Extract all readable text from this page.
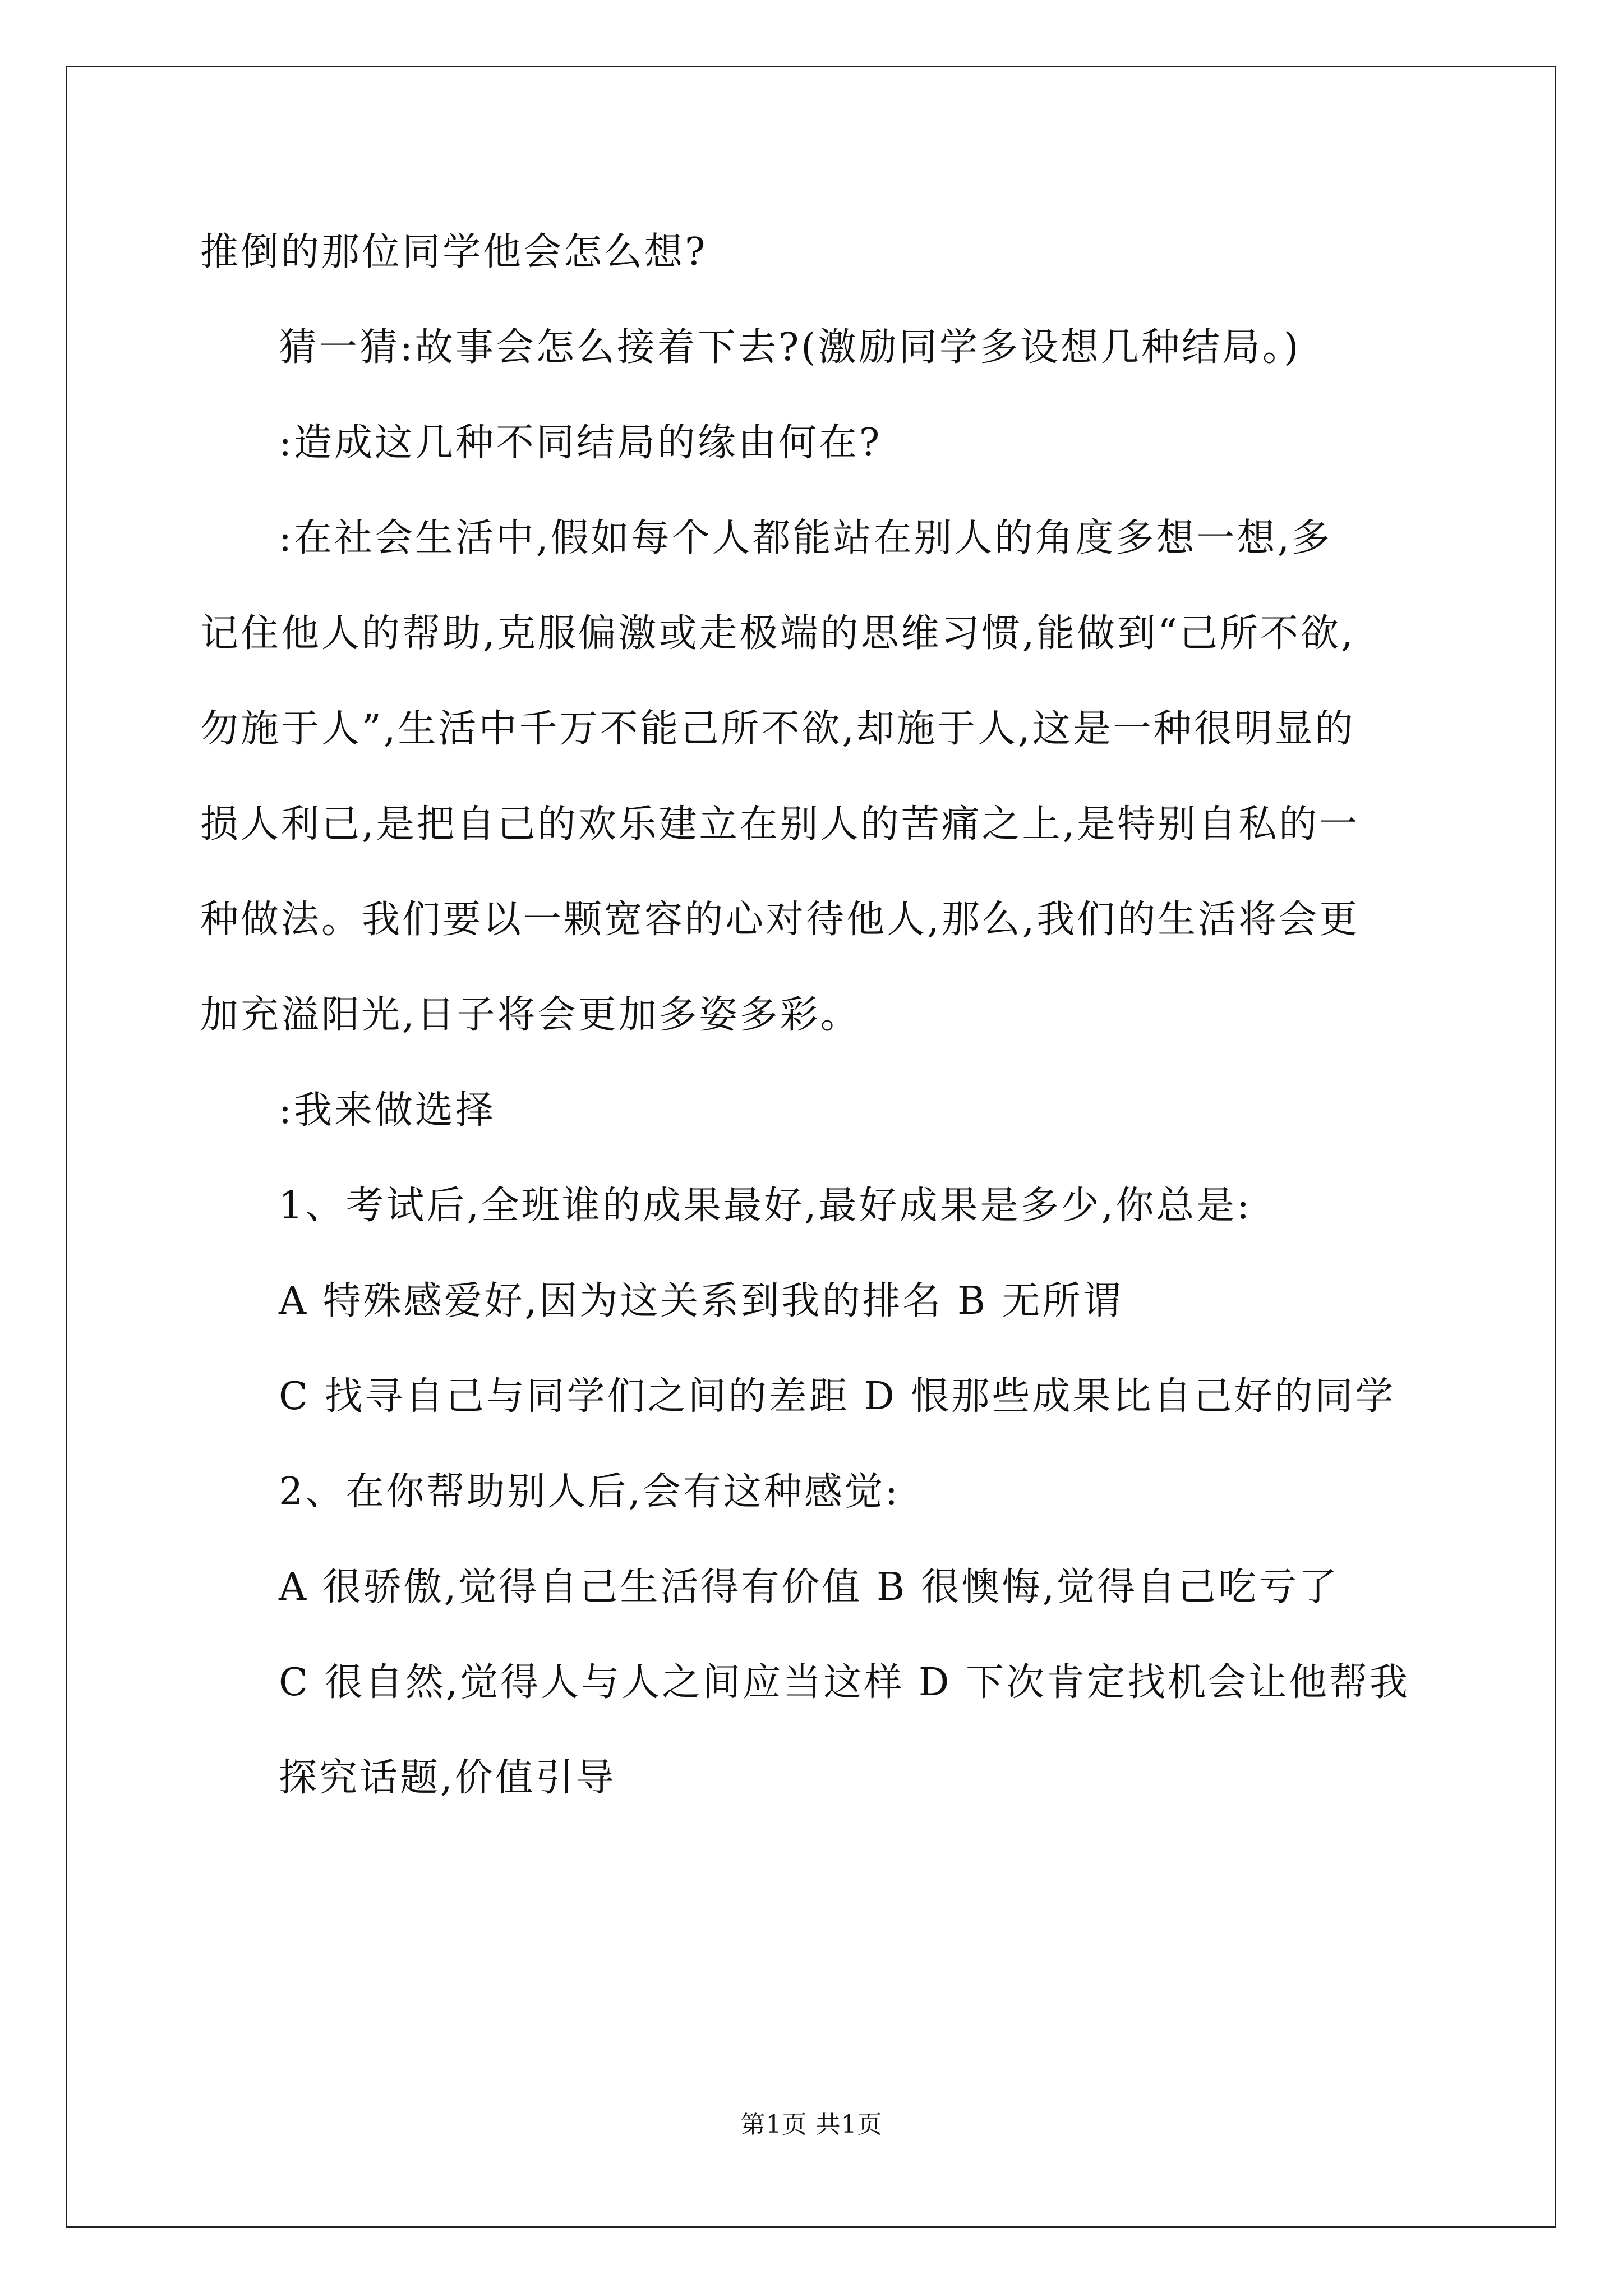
推倒的那位同学他会怎么想?

猜一猜:故事会怎么接着下去?(激励同学多设想几种结局。)

:造成这几种不同结局的缘由何在?

:在社会生活中,假如每个人都能站在别人的角度多想一想,多

记住他人的帮助,克服偏激或走极端的思维习惯,能做到“己所不欲,

勿施于人”,生活中千万不能己所不欲,却施于人,这是一种很明显的

损人利己,是把自己的欢乐建立在别人的苦痛之上,是特别自私的一

种做法。我们要以一颗宽容的心对待他人,那么,我们的生活将会更

加充溢阳光,日子将会更加多姿多彩。

:我来做选择

1、考试后,全班谁的成果最好,最好成果是多少,你总是:

A 特殊感爱好,因为这关系到我的排名 B 无所谓

C 找寻自己与同学们之间的差距 D 恨那些成果比自己好的同学

2、在你帮助别人后,会有这种感觉:

A 很骄傲,觉得自己生活得有价值 B 很懊悔,觉得自己吃亏了

C 很自然,觉得人与人之间应当这样 D 下次肯定找机会让他帮我

探究话题,价值引导

第1页 共1页
